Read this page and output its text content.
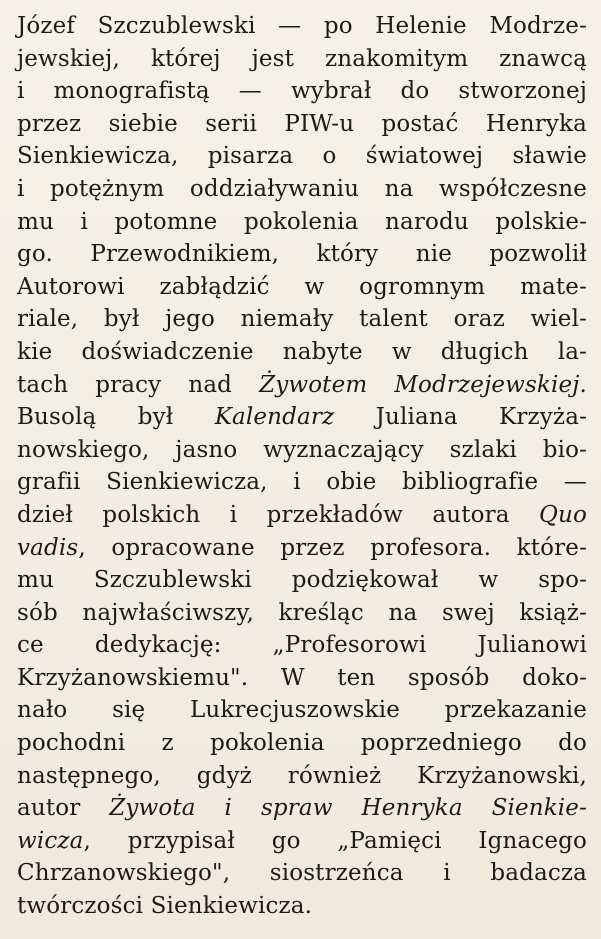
Józef Szczublewski — po Helenie Modrze-
jewskiej, której jest znakomitym znawcą
i monografistą — wybrał do stworzonej
przez siebie serii PIW-u postać Henryka
Sienkiewicza, pisarza o światowej sławie
i potężnym oddziaływaniu na współczesne
mu i potomne pokolenia narodu polskie-
go. Przewodnikiem, który nie pozwolił
Autorowi zabłądzić w ogromnym mate-
riale, był jego niemały talent oraz wiel-
kie doświadczenie nabyte w długich la-
tach pracy nad Żywotem Modrzejewskiej.
Busolą był Kalendarz Juliana Krzyża-
nowskiego, jasno wyznaczający szlaki bio-
grafii Sienkiewicza, i obie bibliografie —
dzieł polskich i przekładów autora Quo
vadis, opracowane przez profesora. które-
mu Szczublewski podziękował w spo-
sób najwłaściwszy, kreśląc na swej książ-
ce dedykację: „Profesorowi Julianowi
Krzyżanowskiemu". W ten sposób doko-
nało się Lukrecjuszowskie przekazanie
pochodni z pokolenia poprzedniego do
następnego, gdyż również Krzyżanowski,
autor Żywota i spraw Henryka Sienkie-
wicza, przypisał go „Pamięci Ignacego
Chrzanowskiego", siostrzeńca i badacza
twórczości Sienkiewicza.
